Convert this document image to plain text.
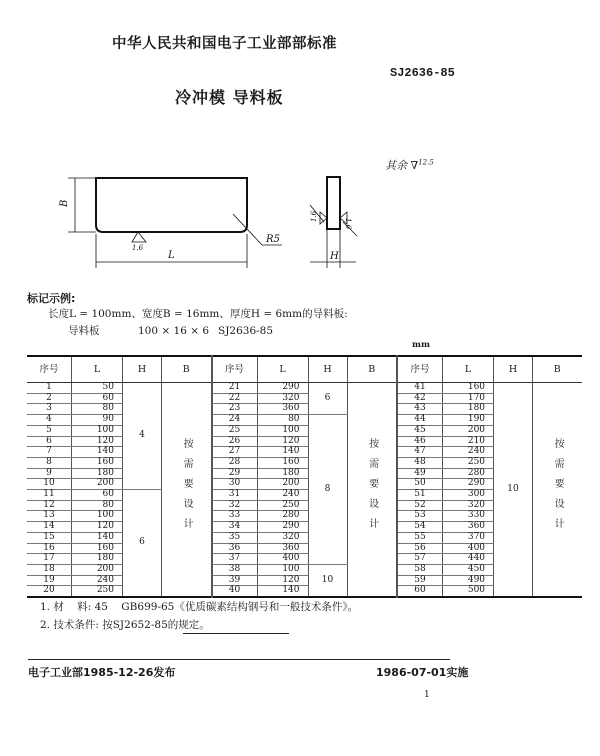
中华人民共和国电子工业部部标准
SJ2636-85
冷冲模 导料板
B
L
R5
1.6
H
1.6
1.6
其余 ∇$^{12.5}$
标记示例:
长度L = 100mm、宽度B = 16mm、厚度H = 6mm的导料板:
导料板	100 × 16 × 6 SJ2636-85
mm
序号	L	H	B	序号	L	H	B	序号	L	H	B
1	50	4	按需要设计	21	290	6	按需要设计	41	160	10	按需要设计
2	60			22	320			42	170		
3	80			23	360			43	180		
4	90			24	80	8		44	190		
5	100			25	100			45	200		
6	120			26	120			46	210		
7	140			27	140			47	240		
8	160			28	160			48	250		
9	180			29	180			49	280		
10	200			30	200			50	290		
11	60	6		31	240			51	300		
12	80			32	250			52	320		
13	100			33	280			53	330		
14	120			34	290			54	360		
15	140			35	320			55	370		
16	160			36	360			56	400		
17	180			37	400			57	440		
18	200			38	100	10		58	450		
19	240			39	120			59	490		
20	250			40	140			60	500		
1. 材    料: 45    GB699-65《优质碳素结构钢号和一般技术条件》。
2. 技术条件: 按SJ2652-85的规定。
电子工业部1985-12-26发布	1986-07-01实施
1
